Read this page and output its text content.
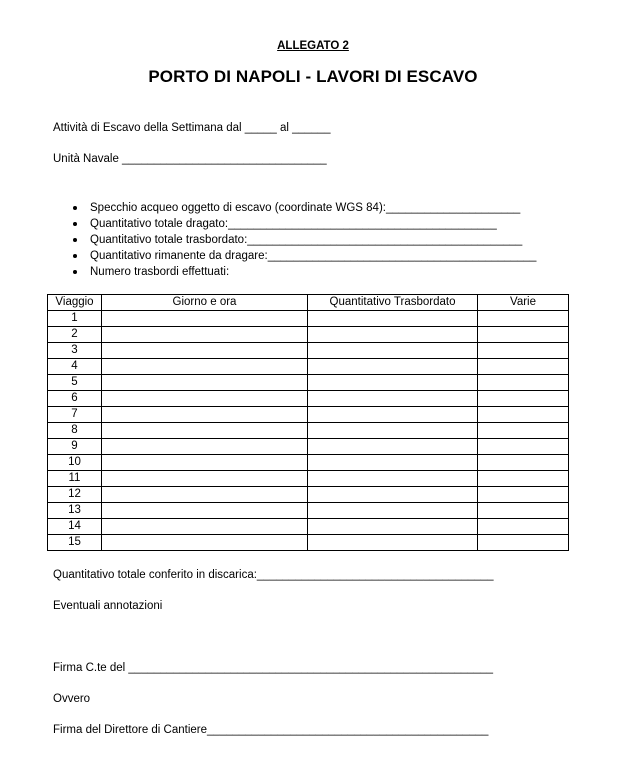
ALLEGATO 2
PORTO DI NAPOLI - LAVORI DI ESCAVO
Attività di Escavo della Settimana dal _____ al ______
Unità Navale ________________________________
Specchio acqueo oggetto di escavo (coordinate WGS 84):_____________________
Quantitativo totale dragato:__________________________________________
Quantitativo totale trasbordato:___________________________________________
Quantitativo rimanente da dragare:__________________________________________
Numero trasbordi effettuati:
Viaggio	Giorno e ora	Quantitativo Trasbordato	Varie
1			
2			
3			
4			
5			
6			
7			
8			
9			
10			
11			
12			
13			
14			
15			
Quantitativo totale conferito in discarica:_____________________________________
Eventuali annotazioni
Firma C.te del _________________________________________________________
Ovvero
Firma del Direttore di Cantiere____________________________________________
